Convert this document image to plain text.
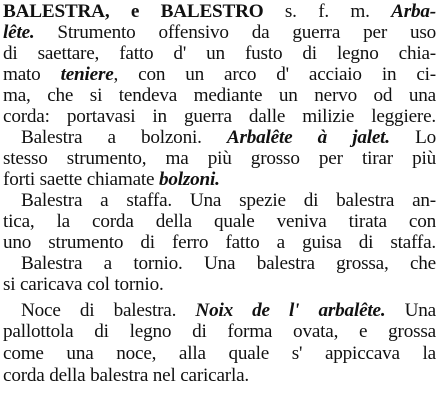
BALESTRA, e BALESTRO s. f. m. Arba-
lête. Strumento offensivo da guerra per uso
di saettare, fatto d' un fusto di legno chia-
mato teniere, con un arco d' acciaio in ci-
ma, che si tendeva mediante un nervo od una
corda: portavasi in guerra dalle milizie leggiere.
Balestra a bolzoni. Arbalête à jalet. Lo
stesso strumento, ma più grosso per tirar più
forti saette chiamate bolzoni.
Balestra a staffa. Una spezie di balestra an-
tica, la corda della quale veniva tirata con
uno strumento di ferro fatto a guisa di staffa.
Balestra a tornio. Una balestra grossa, che
si caricava col tornio.
Noce di balestra. Noix de l' arbalête. Una
pallottola di legno di forma ovata, e grossa
come una noce, alla quale s' appiccava la
corda della balestra nel caricarla.
